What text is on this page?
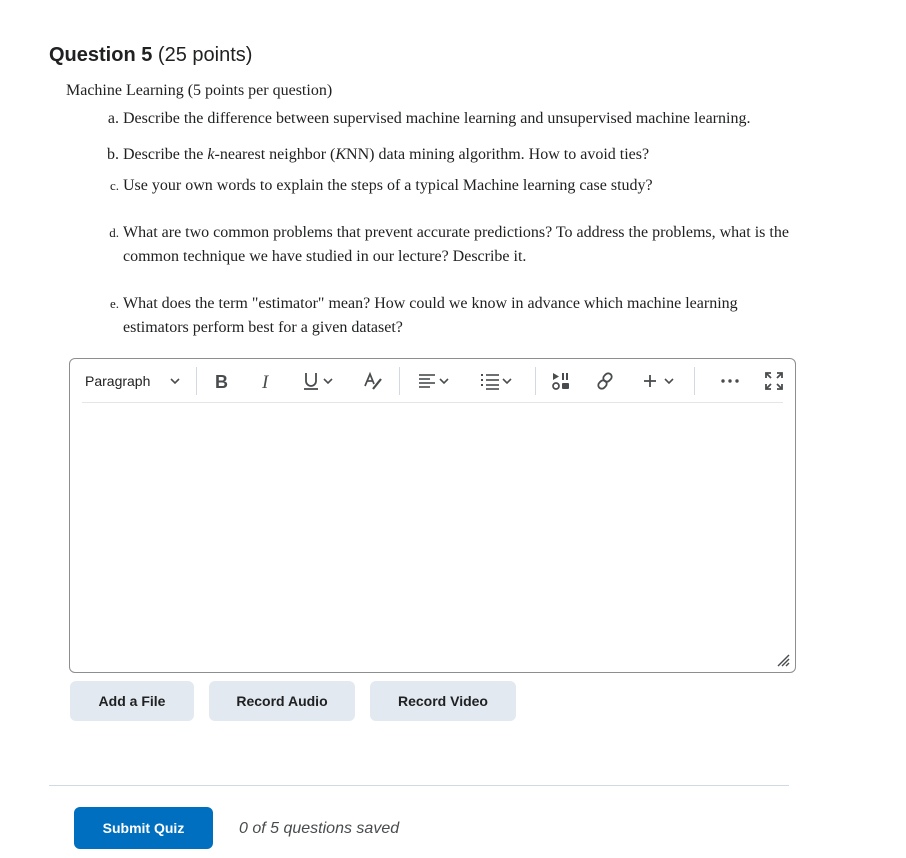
Question 5 (25 points)
Machine Learning (5 points per question)
a. Describe the difference between supervised machine learning and unsupervised machine learning.
b. Describe the k-nearest neighbor (KNN) data mining algorithm. How to avoid ties?
c. Use your own words to explain the steps of a typical Machine learning case study?
d. What are two common problems that prevent accurate predictions? To address the problems, what is the common technique we have studied in our lecture? Describe it.
e. What does the term "estimator" mean? How could we know in advance which machine learning estimators perform best for a given dataset?
Paragraph	B I
Add a File	Record Audio	Record Video
Submit Quiz	0 of 5 questions saved
